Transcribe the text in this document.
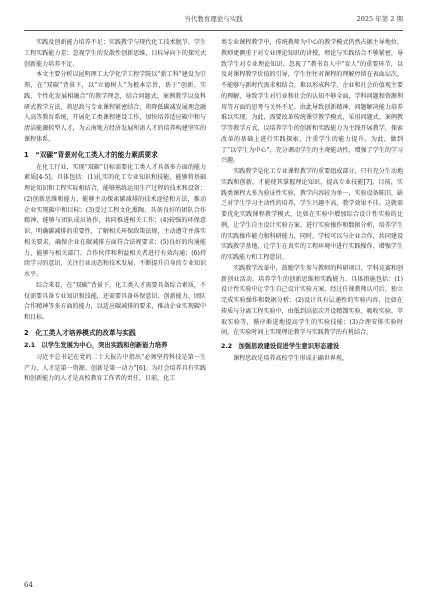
当代教育理论与实践	2025 年第 2 期

实践及创新能力培养不足；实践教学与现代化工技术脱节，学生工程实践能力差；忽视学生的发散性创新思维，目标导向下的探究式创新能力培养不足。

本文主要分析以昆明理工大学化学工程学院以“新工科”建设为引领，在“双碳”背景下，以“立德树人”为根本宗旨，基于“创新、实践、个性化发展相融合”的教学理念，结合问题式、案例教学以及科研式教学方法，将思政与专业课程紧密结合，将降低碳减发展理念融入高等教育系统，开展化工类课程建设工作，加快培养适应碳中和与清洁能源转型人才，为云南地方经济发展所需人才的培养构建坚实的课程体系。

1　“双碳”背景对化工类人才的能力素质要求

在化工行业，实现“双碳”目标需要化工类人才具备多方面的能力素质[4-5]。具体包括：(1)扎实的化工专业知识和技能，能够将基础理论知识和工程实际相结合，能够熟练运用生产过程的技术和设备；(2)创新思维和能力，能够主动探索碳减排的技术途径和方法，推动企业实现碳中和目标；(3)受过工程文化熏陶、具备良好的团队合作精神，能够与团队成员协作，共同推进相关工作；(4)较强的环保意识，明确碳减排的重要性，了解相关环保政策法规，主动遵守并落实相关要求，确保企业在碳减排方面符合法规要求；(5)良好的沟通能力，能够与相关部门、合作伙伴和利益相关者进行有效沟通；(6)持续学习的意识，关注行业动态和技术发展，不断提升自身的专业知识水平。

综合来看，在“双碳”背景下，化工类人才需要具备综合素质，不仅需要具备专业知识和技能，还需要具备环保意识、创新能力、团队合作精神等多方面的能力，以适应碳减排的要求，推动企业实现碳中和目标。

2　化工类人才培养模式的改革与实践
2.1　以学生发展为中心，突出实践和创新能力培养

习近平总书记在党的二十大报告中指出“必须坚持科技是第一生产力、人才是第一资源、创新是第一动力”[6]。为社会培养具有实践和创新能力的人才是高校教育工作者的责任。目前，化工

类专业课程教学中，传统教师为中心的教学模式仍然占据主导地位，教师更侧重于对专业理论知识的讲授，理论与实践结合不够紧密，导致学生对专业理论知识、忽视了“教书育人中“育人”的重要环节，以及对课程教学价值的引导，学生往往对课程的理解停留在表面层次，不能够与新时代需求相结合，难以形成科学、企业和社会价值观主要的理解，导致学生对行业和社会的认知不够全面，学科问题和资源利用等方面的思考与关怀不足。由此导致创新精神、问题解决能力培养难以实现。为此，需要改革传统课堂教学模式，采用问题式、案例教学等教学方式，以培养学生的创新和实践能力为主线开展教学，探索改革的基础上进行实践探索，注重学生的能力提升。为此，做到了“以学生为中心”，充分调动学生的主观能动性，增强了学生的学习兴趣。

实践教学是化工专业课程教学的重要组成部分，只有充分生动地实践和创新，才能使其掌握理论知识，提高专业技能[7]。目前，实践类课程大多为验证性实验，教学内容较为单一，实验设备陈旧，缺乏对学生学习主动性的培养，学生兴趣不高，教学效果不佳。这就需要优化实践课程教学模式，比如在实验中增加综合设计性实验的比例，让学生自主设计实验方案、进行实验操作和数据分析，培养学生的实践操作能力和科研能力，同时，学校可以与企业合作，共同建设实践教学基地，让学生在真实的工程环境中进行实践操作，增强学生的实践能力和工程意识。

实践教学改革中，鼓励学生参与教师的科研项目、学科竞赛和创新创业活动，培养学生的创新思维和实践能力。具体措施包括：(1)设计性实验中让学生自己设计实验方案，经过任课教师认可后，独立完成实验操作和数据分析；(2)设计具有层递性的实验内容，比如在传质与分离工程实验中，由低到高依次开设精馏实验、吸收实验、萃取实验等，循序渐进地提高学生的实验技能；(3)合理安排实验时间，在实验时间上实现理论教学与实践教学的有机结合。

2.2　加强思政建设促进学生意识形态建设

课程思政是培养高校学生形成正确世界观、

64
